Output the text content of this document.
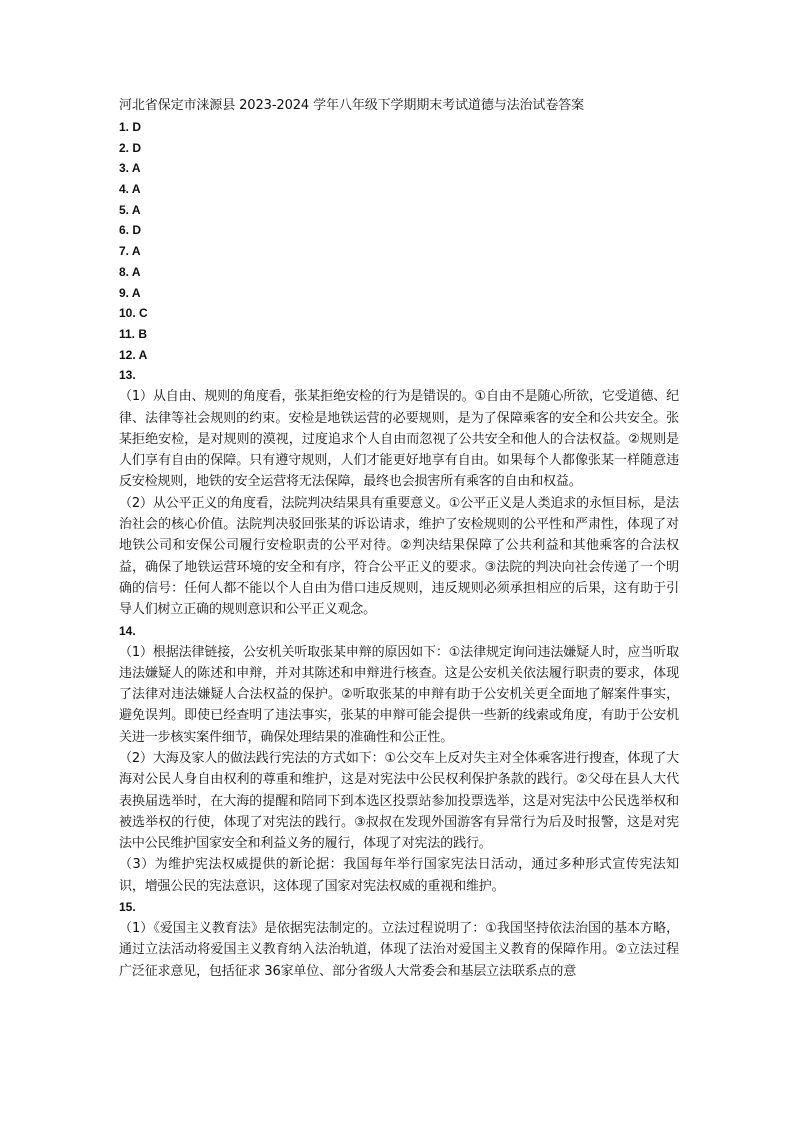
河北省保定市涞源县 2023-2024 学年八年级下学期期末考试道德与法治试卷答案
1. D
2. D
3. A
4. A
5. A
6. D
7. A
8. A
9. A
10. C
11. B
12. A
13.

（1）从自由、规则的角度看，张某拒绝安检的行为是错误的。①自由不是随心所欲，它受道德、纪律、法律等社会规则的约束。安检是地铁运营的必要规则，是为了保障乘客的安全和公共安全。张某拒绝安检，是对规则的漠视，过度追求个人自由而忽视了公共安全和他人的合法权益。②规则是人们享有自由的保障。只有遵守规则，人们才能更好地享有自由。如果每个人都像张某一样随意违反安检规则，地铁的安全运营将无法保障，最终也会损害所有乘客的自由和权益。

（2）从公平正义的角度看，法院判决结果具有重要意义。①公平正义是人类追求的永恒目标，是法治社会的核心价值。法院判决驳回张某的诉讼请求，维护了安检规则的公平性和严肃性，体现了对地铁公司和安保公司履行安检职责的公平对待。②判决结果保障了公共利益和其他乘客的合法权益，确保了地铁运营环境的安全和有序，符合公平正义的要求。③法院的判决向社会传递了一个明确的信号：任何人都不能以个人自由为借口违反规则，违反规则必须承担相应的后果，这有助于引导人们树立正确的规则意识和公平正义观念。

14.

（1）根据法律链接，公安机关听取张某申辩的原因如下：①法律规定询问违法嫌疑人时，应当听取违法嫌疑人的陈述和申辩，并对其陈述和申辩进行核查。这是公安机关依法履行职责的要求，体现了法律对违法嫌疑人合法权益的保护。②听取张某的申辩有助于公安机关更全面地了解案件事实，避免误判。即使已经查明了违法事实，张某的申辩可能会提供一些新的线索或角度，有助于公安机关进一步核实案件细节，确保处理结果的准确性和公正性。

（2）大海及家人的做法践行宪法的方式如下：①公交车上反对失主对全体乘客进行搜查，体现了大海对公民人身自由权利的尊重和维护，这是对宪法中公民权利保护条款的践行。②父母在县人大代表换届选举时，在大海的提醒和陪同下到本选区投票站参加投票选举，这是对宪法中公民选举权和被选举权的行使，体现了对宪法的践行。③叔叔在发现外国游客有异常行为后及时报警，这是对宪法中公民维护国家安全和利益义务的履行，体现了对宪法的践行。

（3）为维护宪法权威提供的新论据：我国每年举行国家宪法日活动，通过多种形式宣传宪法知识，增强公民的宪法意识，这体现了国家对宪法权威的重视和维护。

15.

（1）《爱国主义教育法》是依据宪法制定的。立法过程说明了：①我国坚持依法治国的基本方略，通过立法活动将爱国主义教育纳入法治轨道，体现了法治对爱国主义教育的保障作用。②立法过程广泛征求意见，包括征求 36家单位、部分省级人大常委会和基层立法联系点的意
